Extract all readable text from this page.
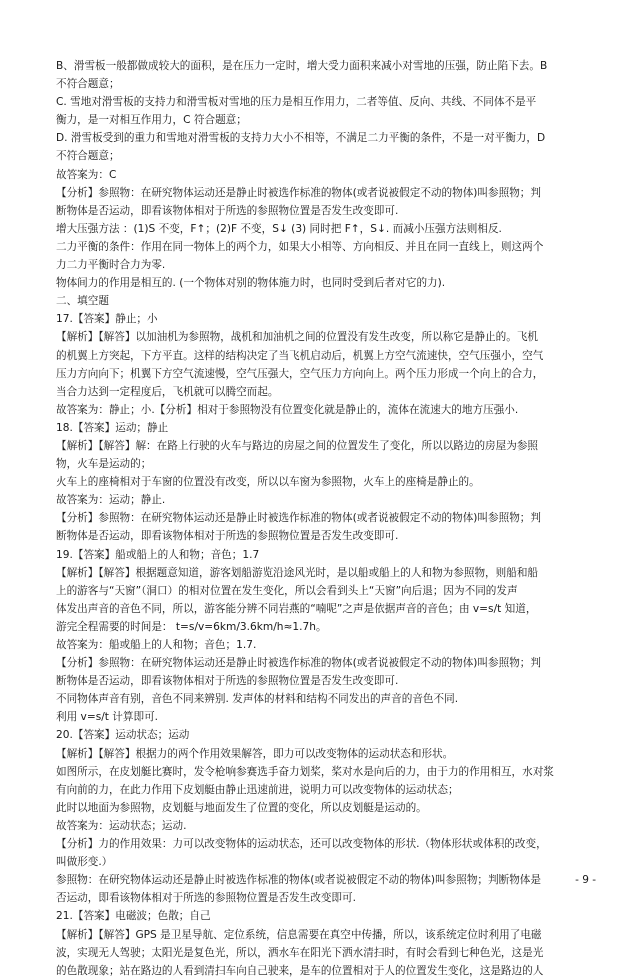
B、滑雪板一般都做成较大的面积，是在压力一定时，增大受力面积来减小对雪地的压强，防止陷下去。B
不符合题意；
C. 雪地对滑雪板的支持力和滑雪板对雪地的压力是相互作用力，二者等值、反向、共线、不同体不是平
衡力，是一对相互作用力，C 符合题意；
D. 滑雪板受到的重力和雪地对滑雪板的支持力大小不相等，不满足二力平衡的条件，不是一对平衡力，D
不符合题意；
故答案为：C
【分析】参照物：在研究物体运动还是静止时被选作标准的物体(或者说被假定不动的物体)叫参照物；判
断物体是否运动，即看该物体相对于所选的参照物位置是否发生改变即可.
增大压强方法 ：(1)S 不变，F↑；(2)F 不变，S↓ (3) 同时把 F↑，S↓. 而减小压强方法则相反.
二力平衡的条件：作用在同一物体上的两个力，如果大小相等、方向相反、并且在同一直线上，则这两个
力二力平衡时合力为零.
物体间力的作用是相互的. (一个物体对别的物体施力时，也同时受到后者对它的力).
二、填空题
17.【答案】静止；小
【解析】【解答】以加油机为参照物，战机和加油机之间的位置没有发生改变，所以称它是静止的。飞机
的机翼上方突起，下方平直。这样的结构决定了当飞机启动后，机翼上方空气流速快，空气压强小，空气
压力方向向下；机翼下方空气流速慢，空气压强大，空气压力方向向上。两个压力形成一个向上的合力，
当合力达到一定程度后，飞机就可以腾空而起。
故答案为：静止；小.【分析】相对于参照物没有位置变化就是静止的，流体在流速大的地方压强小.
18.【答案】运动；静止
【解析】【解答】解：在路上行驶的火车与路边的房屋之间的位置发生了变化，所以以路边的房屋为参照
物，火车是运动的；
火车上的座椅相对于车窗的位置没有改变，所以以车窗为参照物，火车上的座椅是静止的。
故答案为：运动；静止.
【分析】参照物：在研究物体运动还是静止时被选作标准的物体(或者说被假定不动的物体)叫参照物；判
断物体是否运动，即看该物体相对于所选的参照物位置是否发生改变即可.
19.【答案】船或船上的人和物；音色；1.7
【解析】【解答】根据题意知道，游客划船游览沿途风光时，是以船或船上的人和物为参照物，则船和船
上的游客与“天窗”（洞口）的相对位置在发生变化，所以会看到头上“天窗”向后退；因为不同的发声
体发出声音的音色不同，所以，游客能分辨不同岩燕的“喃呢”之声是依据声音的音色；由 v=s/t 知道，
游完全程需要的时间是： t=s/v=6km/3.6km/h≈1.7h。
故答案为：船或船上的人和物；音色；1.7.
【分析】参照物：在研究物体运动还是静止时被选作标准的物体(或者说被假定不动的物体)叫参照物；判
断物体是否运动，即看该物体相对于所选的参照物位置是否发生改变即可.
不同物体声音有别，音色不同来辨别. 发声体的材料和结构不同发出的声音的音色不同.
利用 v=s/t 计算即可.
20.【答案】运动状态；运动
【解析】【解答】根据力的两个作用效果解答，即力可以改变物体的运动状态和形状。
如图所示，在皮划艇比赛时，发令枪响参赛选手奋力划桨，桨对水是向后的力，由于力的作用相互，水对浆
有向前的力，在此力作用下皮划艇由静止迅速前进，说明力可以改变物体的运动状态；
此时以地面为参照物，皮划艇与地面发生了位置的变化，所以皮划艇是运动的。
故答案为：运动状态；运动.
【分析】力的作用效果：力可以改变物体的运动状态，还可以改变物体的形状.（物体形状或体积的改变，
叫做形变.）
参照物：在研究物体运动还是静止时被选作标准的物体(或者说被假定不动的物体)叫参照物；判断物体是
否运动，即看该物体相对于所选的参照物位置是否发生改变即可.
21.【答案】电磁波；色散；自己
【解析】【解答】GPS 是卫星导航、定位系统，信息需要在真空中传播，所以，该系统定位时利用了电磁
波，实现无人驾驶；太阳光是复色光，所以，洒水车在阳光下洒水清扫时，有时会看到七种色光，这是光
的色散现象；站在路边的人看到清扫车向自己驶来，是车的位置相对于人的位置发生变化，这是路边的人
- 9 -
